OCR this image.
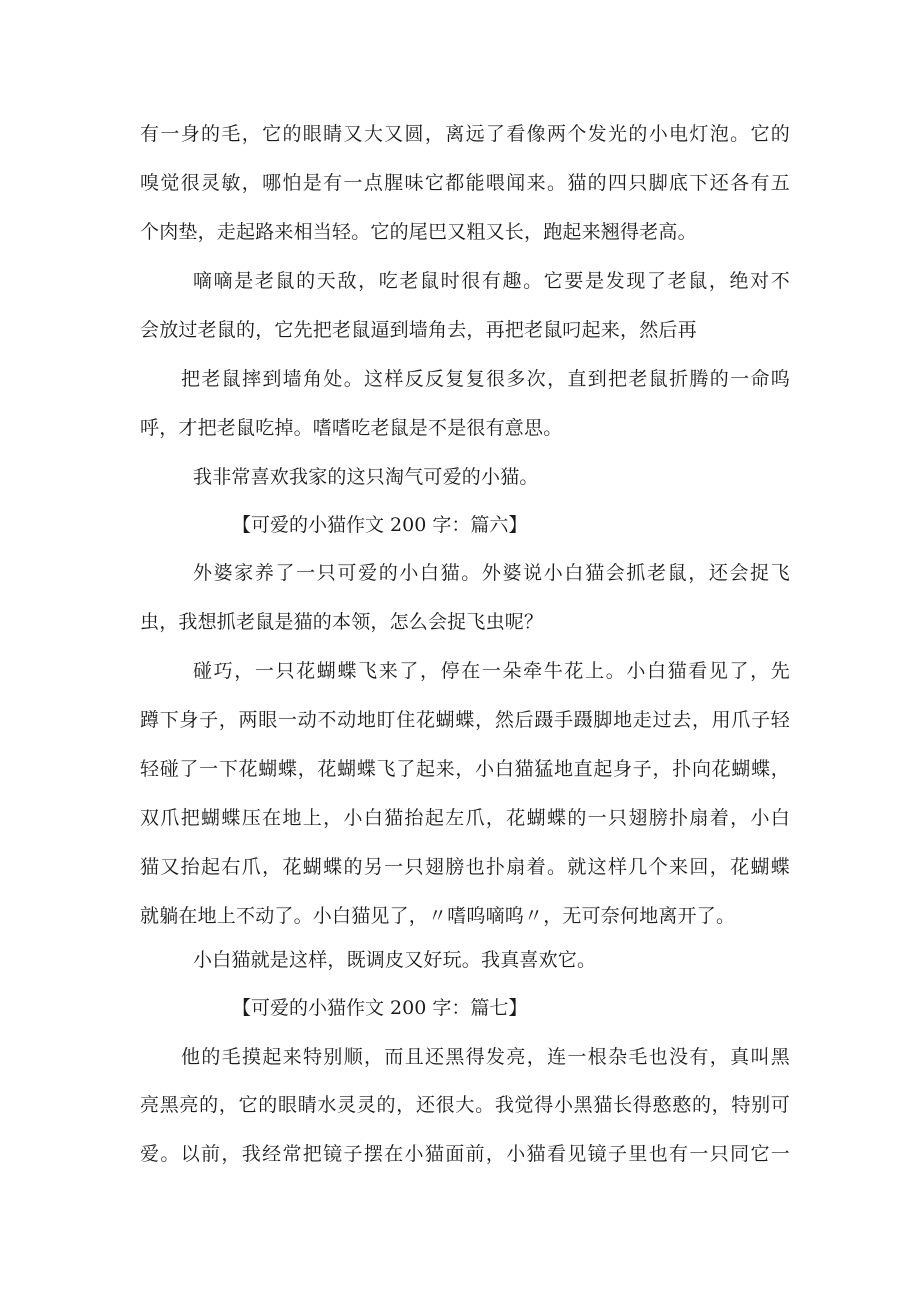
有一身的毛，它的眼睛又大又圆，离远了看像两个发光的小电灯泡。它的
嗅觉很灵敏，哪怕是有一点腥味它都能喂闻来。猫的四只脚底下还各有五
个肉垫，走起路来相当轻。它的尾巴又粗又长，跑起来翘得老高。
嘀嘀是老鼠的天敌，吃老鼠时很有趣。它要是发现了老鼠，绝对不
会放过老鼠的，它先把老鼠逼到墙角去，再把老鼠叼起来，然后再
把老鼠摔到墙角处。这样反反复复很多次，直到把老鼠折腾的一命呜
呼，才把老鼠吃掉。嗜嗜吃老鼠是不是很有意思。
我非常喜欢我家的这只淘气可爱的小猫。
【可爱的小猫作文 200 字：篇六】
外婆家养了一只可爱的小白猫。外婆说小白猫会抓老鼠，还会捉飞
虫，我想抓老鼠是猫的本领，怎么会捉飞虫呢？
碰巧，一只花蝴蝶飞来了，停在一朵牵牛花上。小白猫看见了，先
蹲下身子，两眼一动不动地盯住花蝴蝶，然后蹑手蹑脚地走过去，用爪子轻
轻碰了一下花蝴蝶，花蝴蝶飞了起来，小白猫猛地直起身子，扑向花蝴蝶，
双爪把蝴蝶压在地上，小白猫抬起左爪，花蝴蝶的一只翅膀扑扇着，小白
猫又抬起右爪，花蝴蝶的另一只翅膀也扑扇着。就这样几个来回，花蝴蝶
就躺在地上不动了。小白猫见了，〃嗜呜嘀呜〃，无可奈何地离开了。
小白猫就是这样，既调皮又好玩。我真喜欢它。
【可爱的小猫作文 200 字：篇七】
他的毛摸起来特别顺，而且还黑得发亮，连一根杂毛也没有，真叫黑
亮黑亮的，它的眼睛水灵灵的，还很大。我觉得小黑猫长得憨憨的，特别可
爱。以前，我经常把镜子摆在小猫面前，小猫看见镜子里也有一只同它一
